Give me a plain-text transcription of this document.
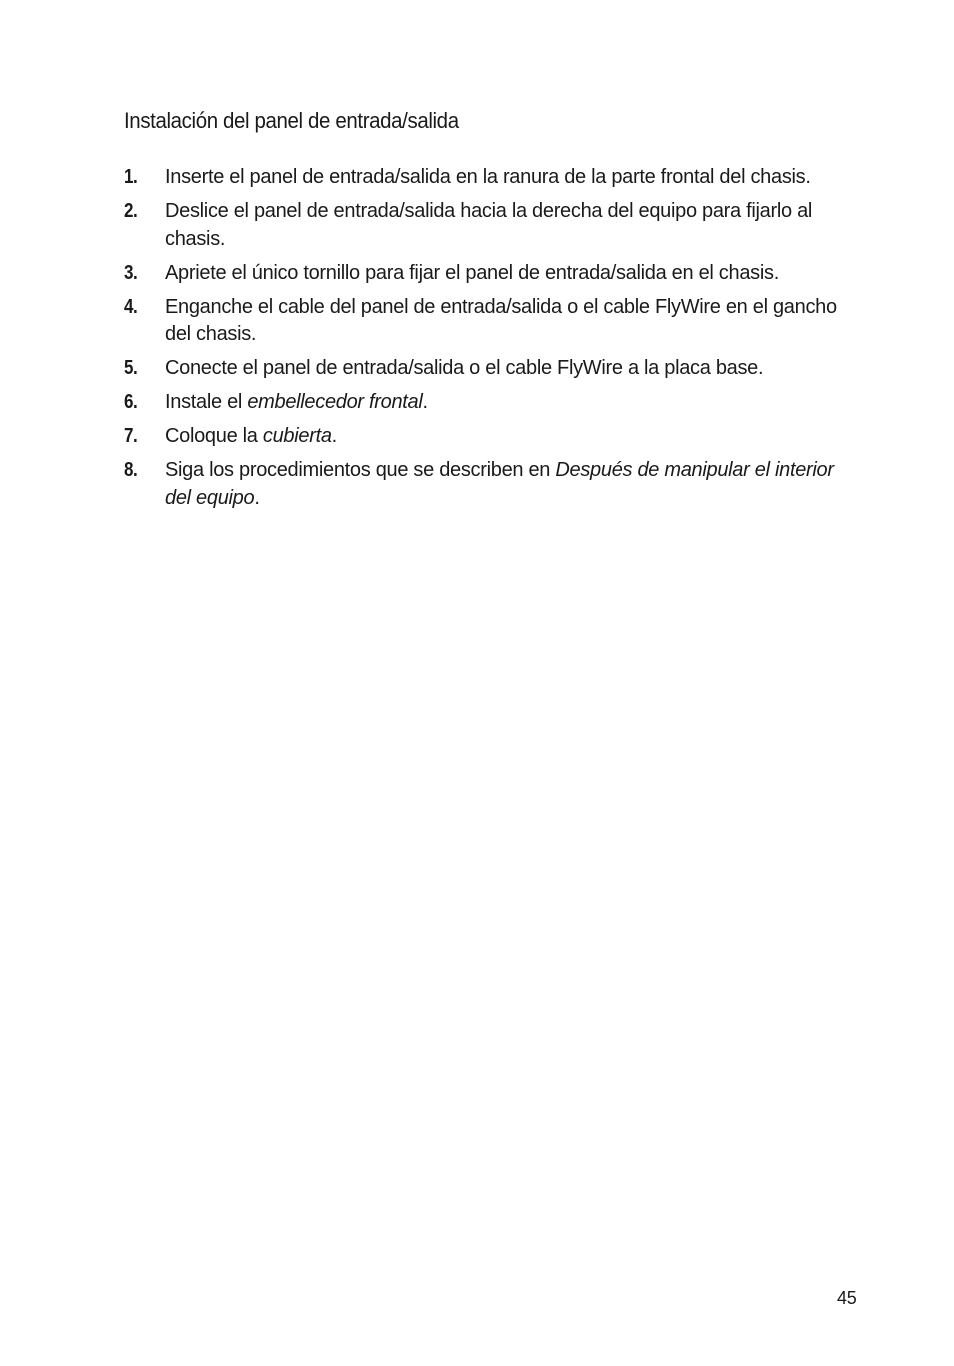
Instalación del panel de entrada/salida
1. Inserte el panel de entrada/salida en la ranura de la parte frontal del chasis.
2. Deslice el panel de entrada/salida hacia la derecha del equipo para fijarlo al chasis.
3. Apriete el único tornillo para fijar el panel de entrada/salida en el chasis.
4. Enganche el cable del panel de entrada/salida o el cable FlyWire en el gancho del chasis.
5. Conecte el panel de entrada/salida o el cable FlyWire a la placa base.
6. Instale el embellecedor frontal.
7. Coloque la cubierta.
8. Siga los procedimientos que se describen en Después de manipular el interior del equipo.
45
